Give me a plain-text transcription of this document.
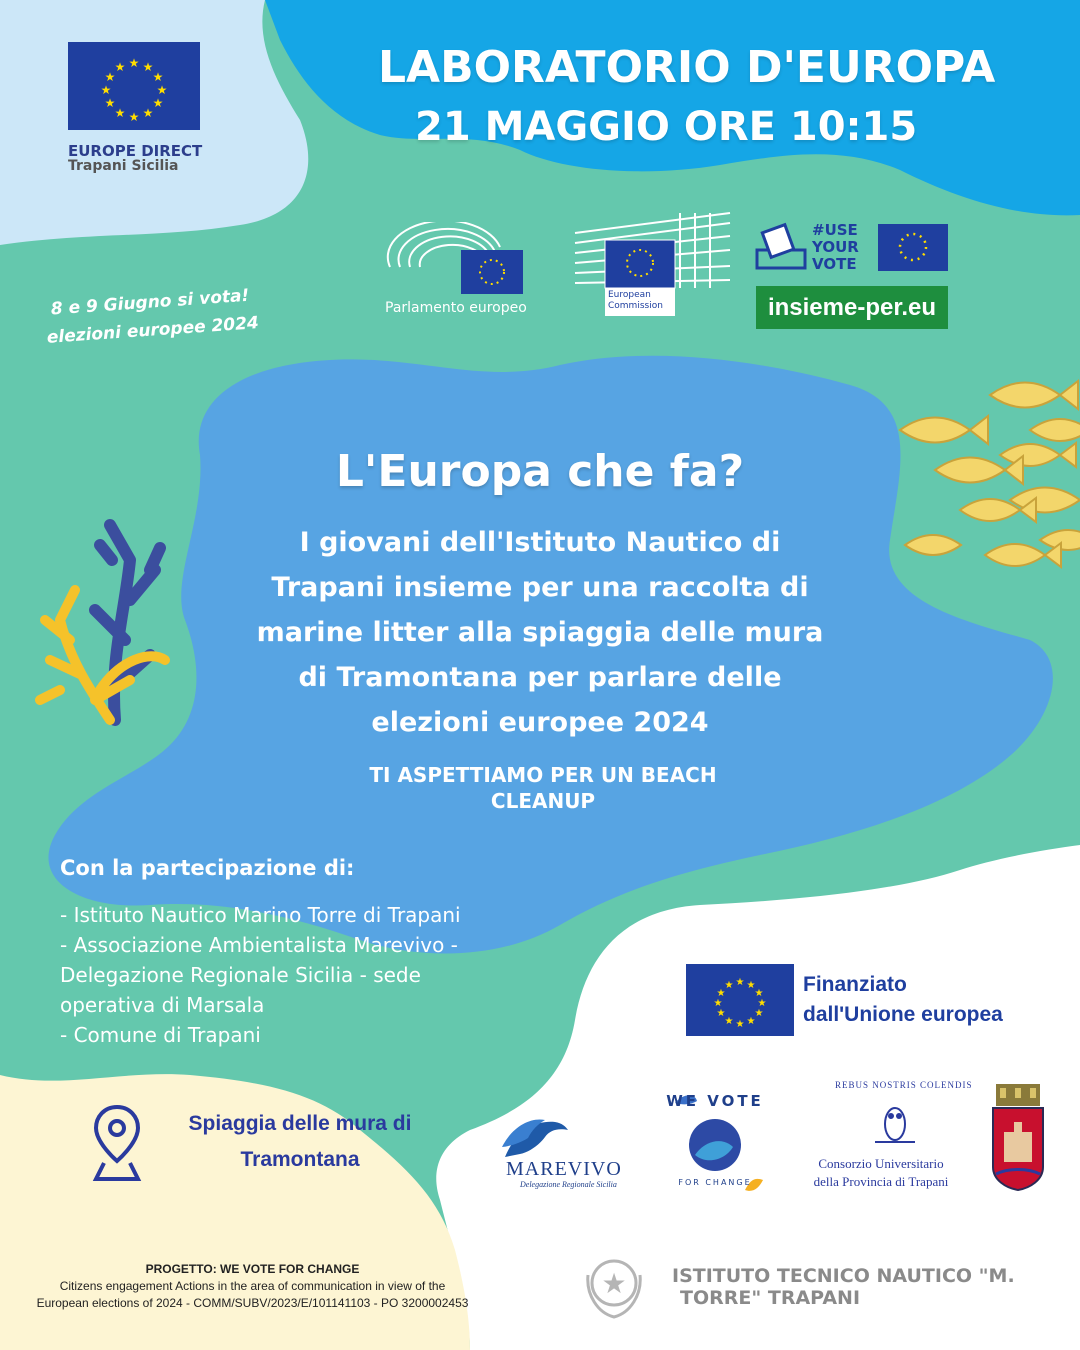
★ ★
★
★
★
★
★
★
★
★
★
★
EUROPE DIRECT
Trapani Sicilia
LABORATORIO D'EUROPA
21 MAGGIO ORE 10:15
Parlamento europeo
European
Commission
#USE
YOUR
VOTE
insieme-per.eu
8 e 9 Giugno si vota!
elezioni europee 2024
L'Europa che fa?
I giovani dell'Istituto Nautico di
Trapani insieme per una raccolta di
marine litter alla spiaggia delle mura
di Tramontana per parlare delle
elezioni europee 2024
TI ASPETTIAMO PER UN BEACH
CLEANUP
Con la partecipazione di:
- Istituto Nautico Marino Torre di Trapani
- Associazione Ambientalista Marevivo -
Delegazione Regionale Sicilia - sede
operativa di Marsala
- Comune di Trapani
★ ★
★
★
★
★
★
★
★
★
★
★	Finanziato
dall'Unione europea
Spiaggia delle mura di
Tramontana	MAREVIVO
Delegazione Regionale Sicilia
WE VOTE
FOR CHANGE
REBUS NOSTRIS COLENDIS
Consorzio Universitario
della Provincia di Trapani
PROGETTO: WE VOTE FOR CHANGE
Citizens engagement Actions in the area of communication in view of the
European elections of 2024 - COMM/SUBV/2023/E/101141103 - PO 3200002453
★ ISTITUTO TECNICO NAUTICO "M.
TORRE" TRAPANI
